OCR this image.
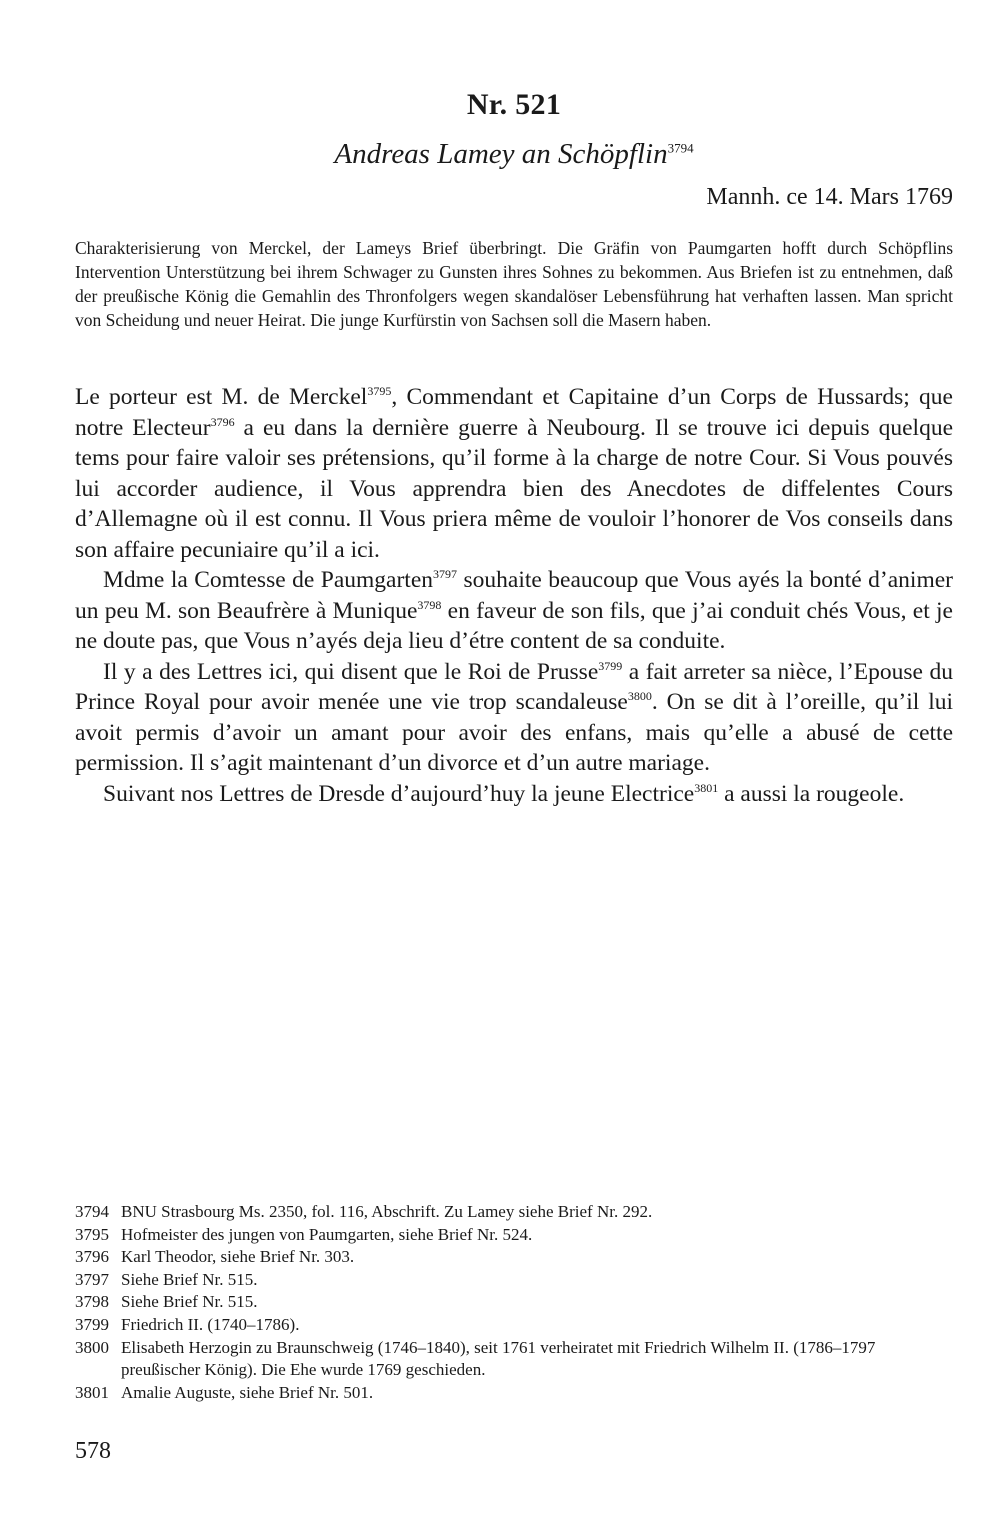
Nr. 521
Andreas Lamey an Schöpflin$^{3794}$
Mannh. ce 14. Mars 1769
Charakterisierung von Merckel, der Lameys Brief überbringt. Die Gräfin von Paumgarten hofft durch Schöpflins Intervention Unterstützung bei ihrem Schwager zu Gunsten ihres Sohnes zu bekommen. Aus Briefen ist zu entnehmen, daß der preußische König die Gemahlin des Thronfolgers wegen skandalöser Lebensführung hat verhaften lassen. Man spricht von Scheidung und neuer Heirat. Die junge Kurfürstin von Sachsen soll die Masern haben.

Le porteur est M. de Merckel$^{3795}$, Commendant et Capitaine d’un Corps de Hussards; que notre Electeur$^{3796}$ a eu dans la dernière guerre à Neubourg. Il se trouve ici depuis quelque tems pour faire valoir ses prétensions, qu’il forme à la charge de notre Cour. Si Vous pouvés lui accorder audience, il Vous apprendra bien des Anecdotes de diffelentes Cours d’Allemagne où il est connu. Il Vous priera même de vouloir l’honorer de Vos conseils dans son affaire pecuniaire qu’il a ici.

Mdme la Comtesse de Paumgarten$^{3797}$ souhaite beaucoup que Vous ayés la bonté d’animer un peu M. son Beaufrère à Munique$^{3798}$ en faveur de son fils, que j’ai conduit chés Vous, et je ne doute pas, que Vous n’ayés deja lieu d’étre content de sa conduite.

Il y a des Lettres ici, qui disent que le Roi de Prusse$^{3799}$ a fait arreter sa nièce, l’Epouse du Prince Royal pour avoir menée une vie trop scandaleuse$^{3800}$. On se dit à l’oreille, qu’il lui avoit permis d’avoir un amant pour avoir des enfans, mais qu’elle a abusé de cette permission. Il s’agit maintenant d’un divorce et d’un autre mariage.

Suivant nos Lettres de Dresde d’aujourd’huy la jeune Electrice$^{3801}$ a aussi la rougeole.

3794 BNU Strasbourg Ms. 2350, fol. 116, Abschrift. Zu Lamey siehe Brief Nr. 292.
3795 Hofmeister des jungen von Paumgarten, siehe Brief Nr. 524.
3796 Karl Theodor, siehe Brief Nr. 303.
3797 Siehe Brief Nr. 515.
3798 Siehe Brief Nr. 515.
3799 Friedrich II. (1740–1786).
3800 Elisabeth Herzogin zu Braunschweig (1746–1840), seit 1761 verheiratet mit Friedrich Wilhelm II. (1786–1797 preußischer König). Die Ehe wurde 1769 geschieden.
3801 Amalie Auguste, siehe Brief Nr. 501.
578
